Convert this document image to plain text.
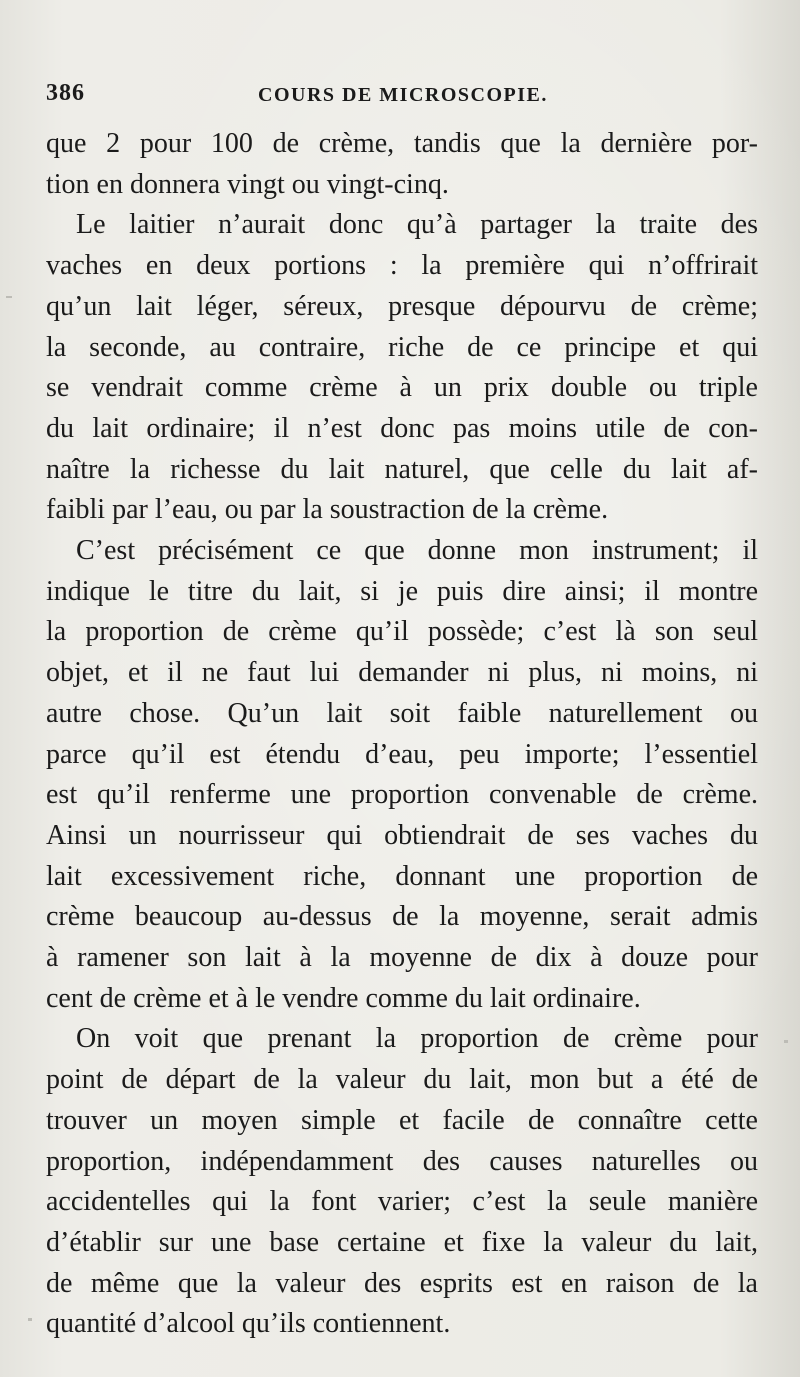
386	COURS DE MICROSCOPIE.

que 2 pour 100 de crème, tandis que la dernière por-
tion en donnera vingt ou vingt-cinq.

Le laitier n’aurait donc qu’à partager la traite des
vaches en deux portions : la première qui n’offrirait
qu’un lait léger, séreux, presque dépourvu de crème;
la seconde, au contraire, riche de ce principe et qui
se vendrait comme crème à un prix double ou triple
du lait ordinaire; il n’est donc pas moins utile de con-
naître la richesse du lait naturel, que celle du lait af-
faibli par l’eau, ou par la soustraction de la crème.

C’est précisément ce que donne mon instrument; il
indique le titre du lait, si je puis dire ainsi; il montre
la proportion de crème qu’il possède; c’est là son seul
objet, et il ne faut lui demander ni plus, ni moins, ni
autre chose. Qu’un lait soit faible naturellement ou
parce qu’il est étendu d’eau, peu importe; l’essentiel
est qu’il renferme une proportion convenable de crème.
Ainsi un nourrisseur qui obtiendrait de ses vaches du
lait excessivement riche, donnant une proportion de
crème beaucoup au-dessus de la moyenne, serait admis
à ramener son lait à la moyenne de dix à douze pour
cent de crème et à le vendre comme du lait ordinaire.

On voit que prenant la proportion de crème pour
point de départ de la valeur du lait, mon but a été de
trouver un moyen simple et facile de connaître cette
proportion, indépendamment des causes naturelles ou
accidentelles qui la font varier; c’est la seule manière
d’établir sur une base certaine et fixe la valeur du lait,
de même que la valeur des esprits est en raison de la
quantité d’alcool qu’ils contiennent.
